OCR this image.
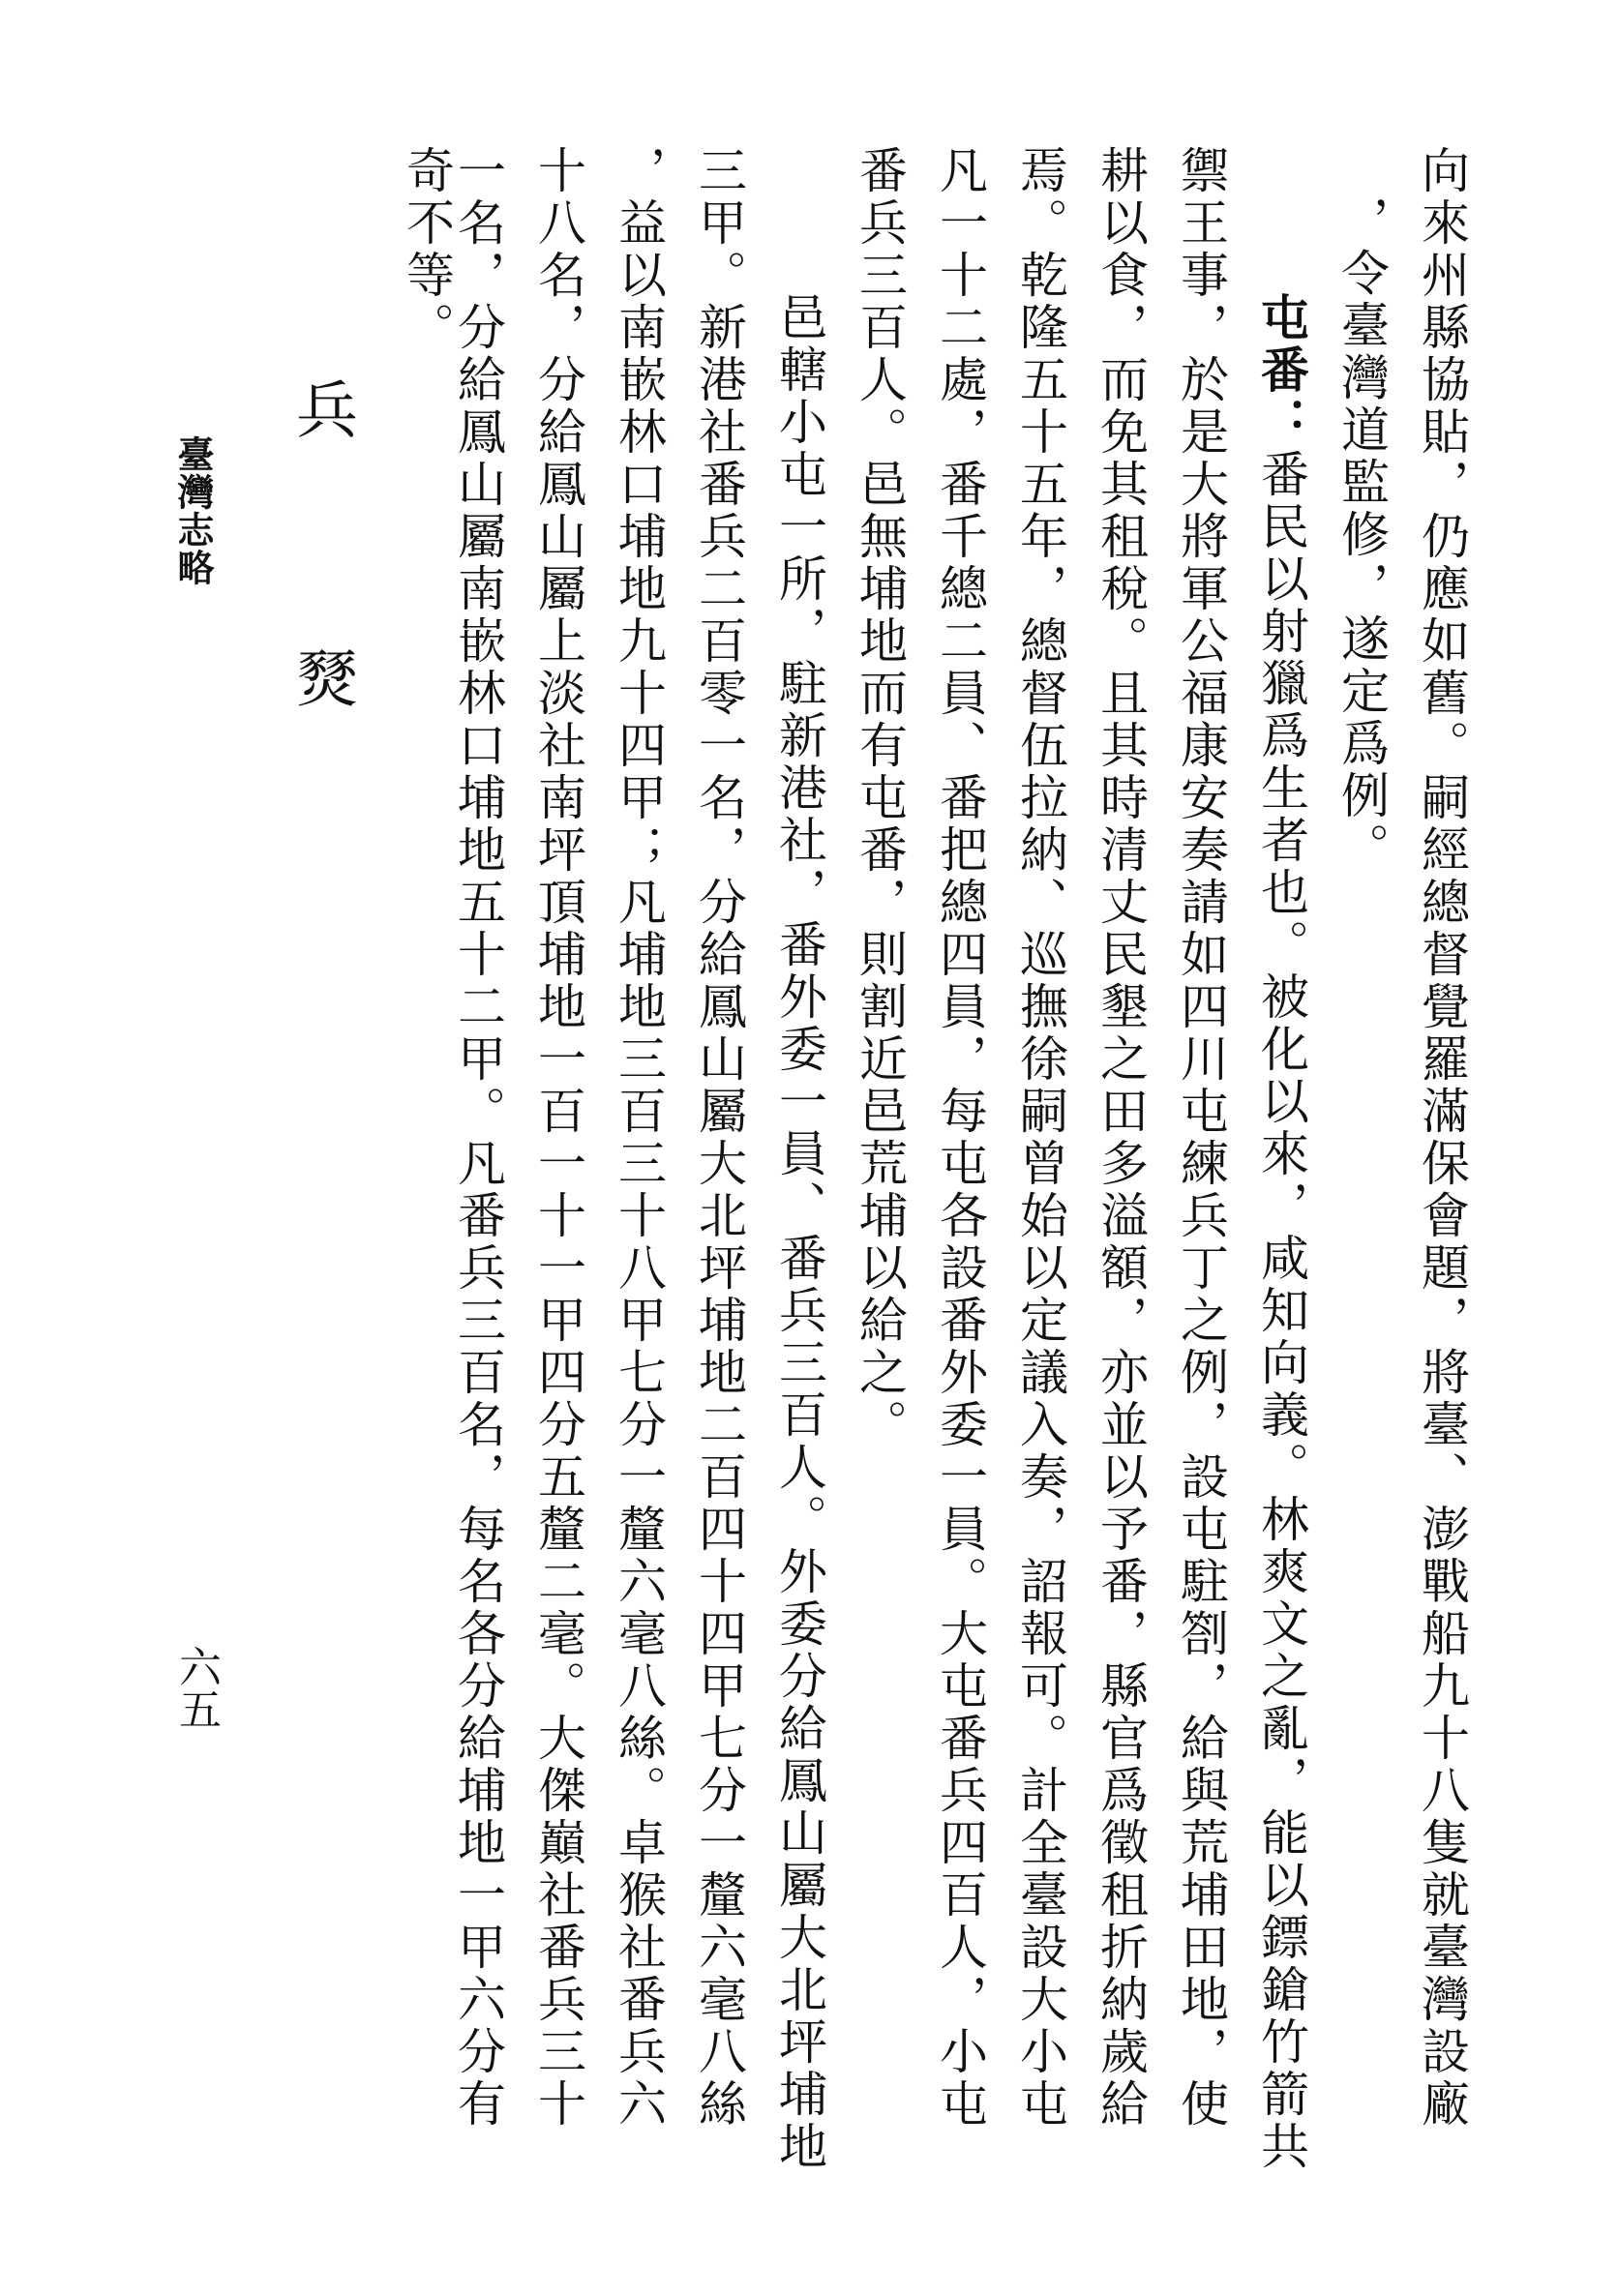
向來州縣協貼，仍應如舊。嗣經總督覺羅滿保會題，將臺、澎戰船九十八隻就臺灣設廠
，令臺灣道監修，遂定爲例。
屯番：番民以射獵爲生者也。被化以來，咸知向義。林爽文之亂，能以鏢鎗竹箭共
禦王事，於是大將軍公福康安奏請如四川屯練兵丁之例，設屯駐劄，給與荒埔田地，使
耕以食，而免其租稅。且其時清丈民墾之田多溢額，亦並以予番，縣官爲徵租折納歲給
焉。乾隆五十五年，總督伍拉納、巡撫徐嗣曾始以定議入奏，詔報可。計全臺設大小屯
凡一十二處，番千總二員、番把總四員，每屯各設番外委一員。大屯番兵四百人，小屯
番兵三百人。邑無埔地而有屯番，則割近邑荒埔以給之。
邑轄小屯一所，駐新港社，番外委一員、番兵三百人。外委分給鳳山屬大北坪埔地
三甲。新港社番兵二百零一名，分給鳳山屬大北坪埔地二百四十四甲七分一釐六毫八絲
，益以南嵌林口埔地九十四甲；凡埔地三百三十八甲七分一釐六毫八絲。卓猴社番兵六
十八名，分給鳳山屬上淡社南坪頂埔地一百一十一甲四分五釐二毫。大傑巔社番兵三十
一名，分給鳳山屬南嵌林口埔地五十二甲。凡番兵三百名，每名各分給埔地一甲六分有
奇不等。
兵 燹
臺灣志略
六五
